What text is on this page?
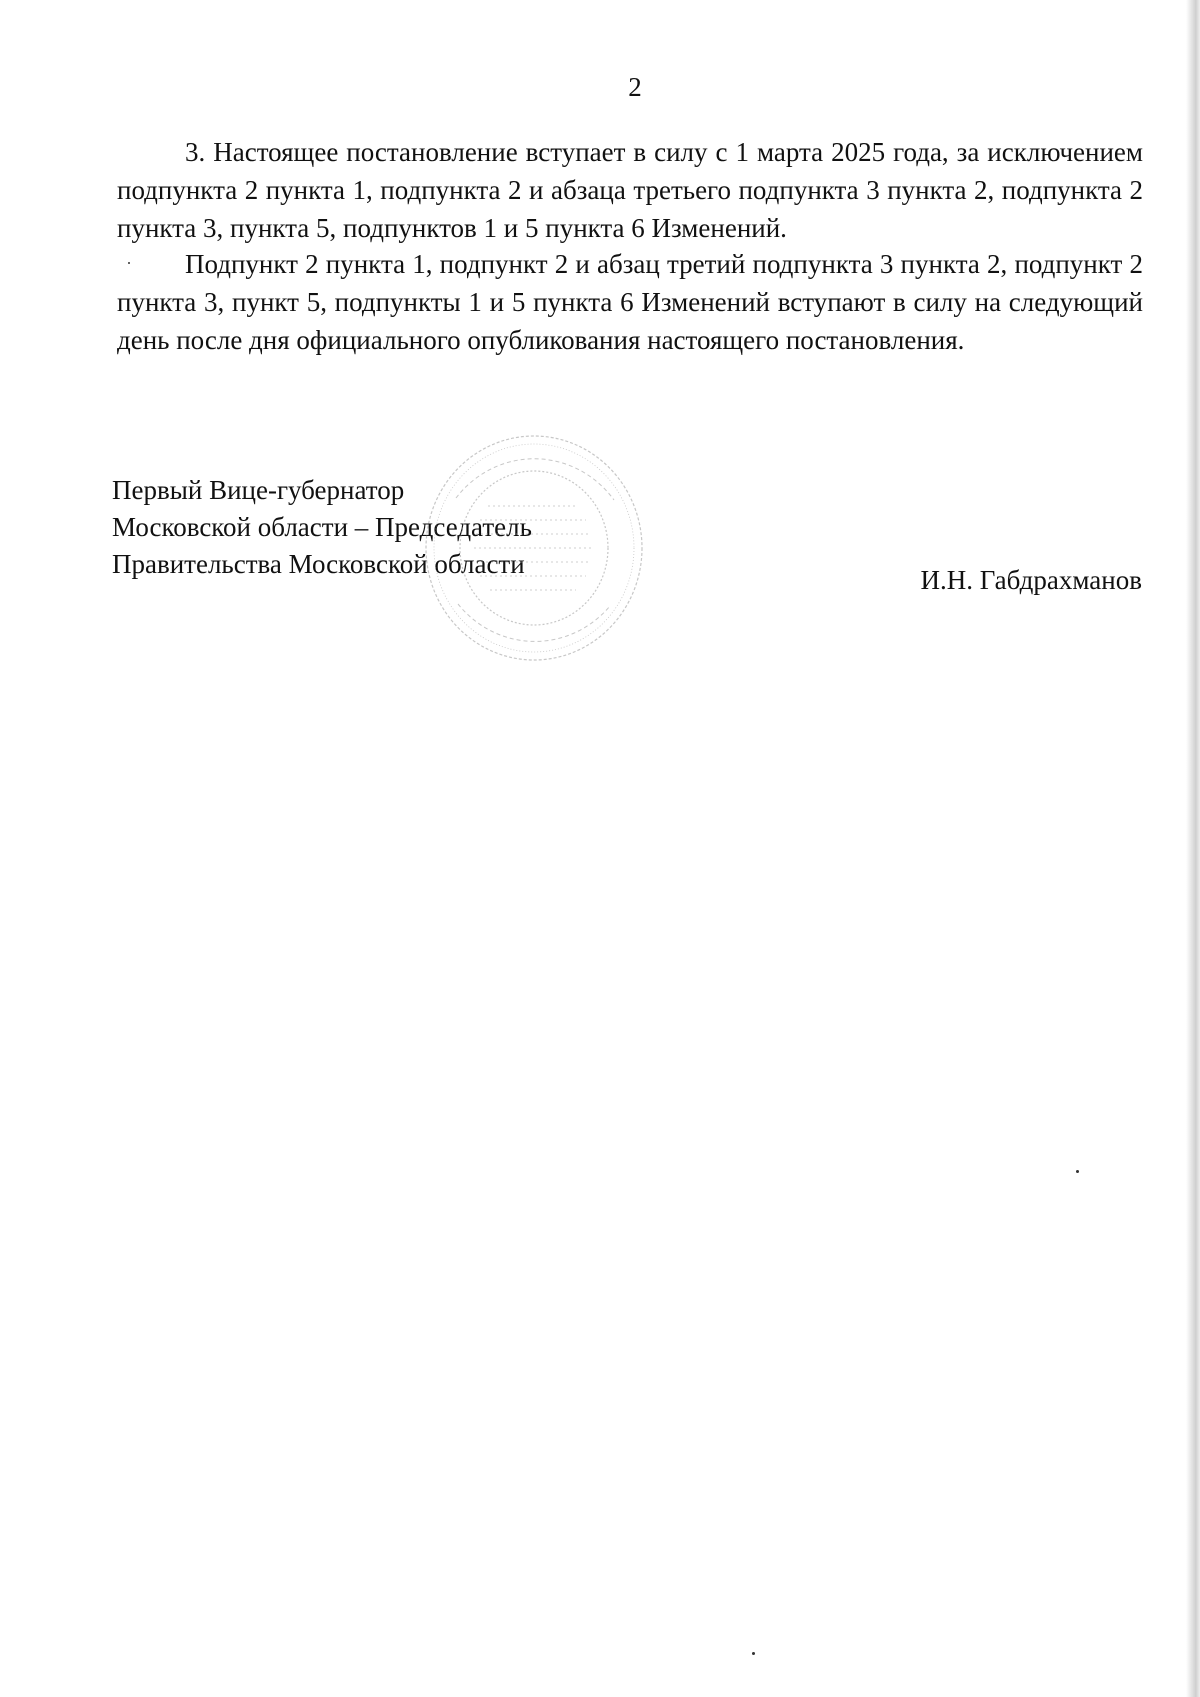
2

3. Настоящее постановление вступает в силу с 1 марта 2025 года, за исключением подпункта 2 пункта 1, подпункта 2 и абзаца третьего подпункта 3 пункта 2, подпункта 2 пункта 3, пункта 5, подпунктов 1 и 5 пункта 6 Изменений.

Подпункт 2 пункта 1, подпункт 2 и абзац третий подпункта 3 пункта 2, подпункт 2 пункта 3, пункт 5, подпункты 1 и 5 пункта 6 Изменений вступают в силу на следующий день после дня официального опубликования настоящего постановления.

Первый Вице-губернатор
Московской области – Председатель
Правительства Московской области
И.Н. Габдрахманов
